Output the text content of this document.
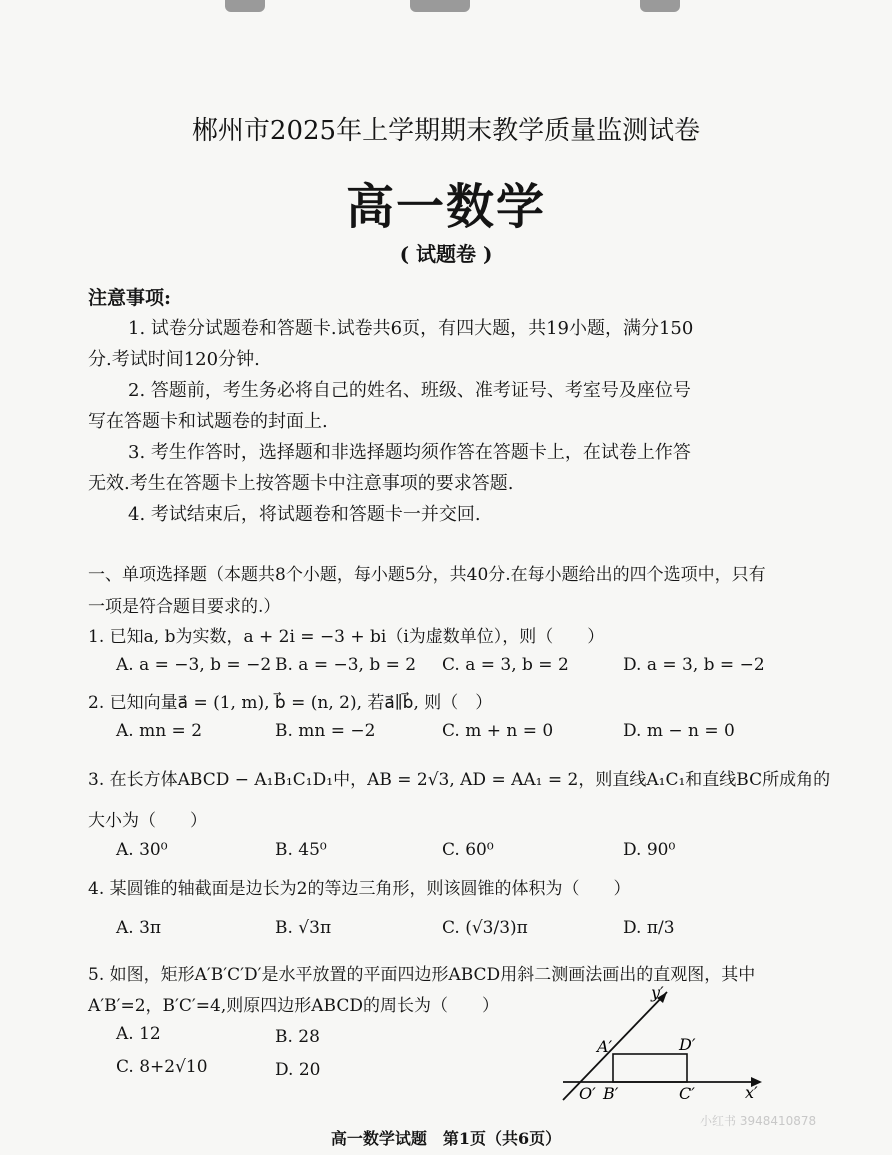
郴州市2025年上学期期末教学质量监测试卷
高一数学
( 试题卷 )
注意事项:
1. 试卷分试题卷和答题卡.试卷共6页，有四大题，共19小题，满分150
分.考试时间120分钟.
2. 答题前，考生务必将自己的姓名、班级、准考证号、考室号及座位号
写在答题卡和试题卷的封面上.
3. 考生作答时，选择题和非选择题均须作答在答题卡上，在试卷上作答
无效.考生在答题卡上按答题卡中注意事项的要求答题.
4. 考试结束后，将试题卷和答题卡一并交回.
一、单项选择题（本题共8个小题，每小题5分，共40分.在每小题给出的四个选项中，只有
一项是符合题目要求的.）
1. 已知a, b为实数，a + 2i = −3 + bi（i为虚数单位），则（　　）
A. a = −3, b = −2 B. a = −3, b = 2 C. a = 3, b = 2	D. a = 3, b = −2
2. 已知向量a⃗ = (1, m), b⃗ = (n, 2), 若a⃗∥b⃗, 则（　）
A. mn = 2	B. mn = −2	C. m + n = 0	D. m − n = 0
3. 在长方体ABCD − A₁B₁C₁D₁中，AB = 2√3, AD = AA₁ = 2，则直线A₁C₁和直线BC所成角的
大小为（　　）
A. 30⁰	B. 45⁰	C. 60⁰	D. 90⁰
4. 某圆锥的轴截面是边长为2的等边三角形，则该圆锥的体积为（　　）
A. 3π	B. √3π	C. (√3/3)π	D. π/3
5. 如图，矩形A′B′C′D′是水平放置的平面四边形ABCD用斜二测画法画出的直观图，其中
A′B′=2，B′C′=4,则原四边形ABCD的周长为（　　）
A. 12	B. 28
C. 8+2√10	D. 20
y′
A′	D′
O′ B′	C′	x′
小红书 3948410878
高一数学试题　第1页（共6页）
